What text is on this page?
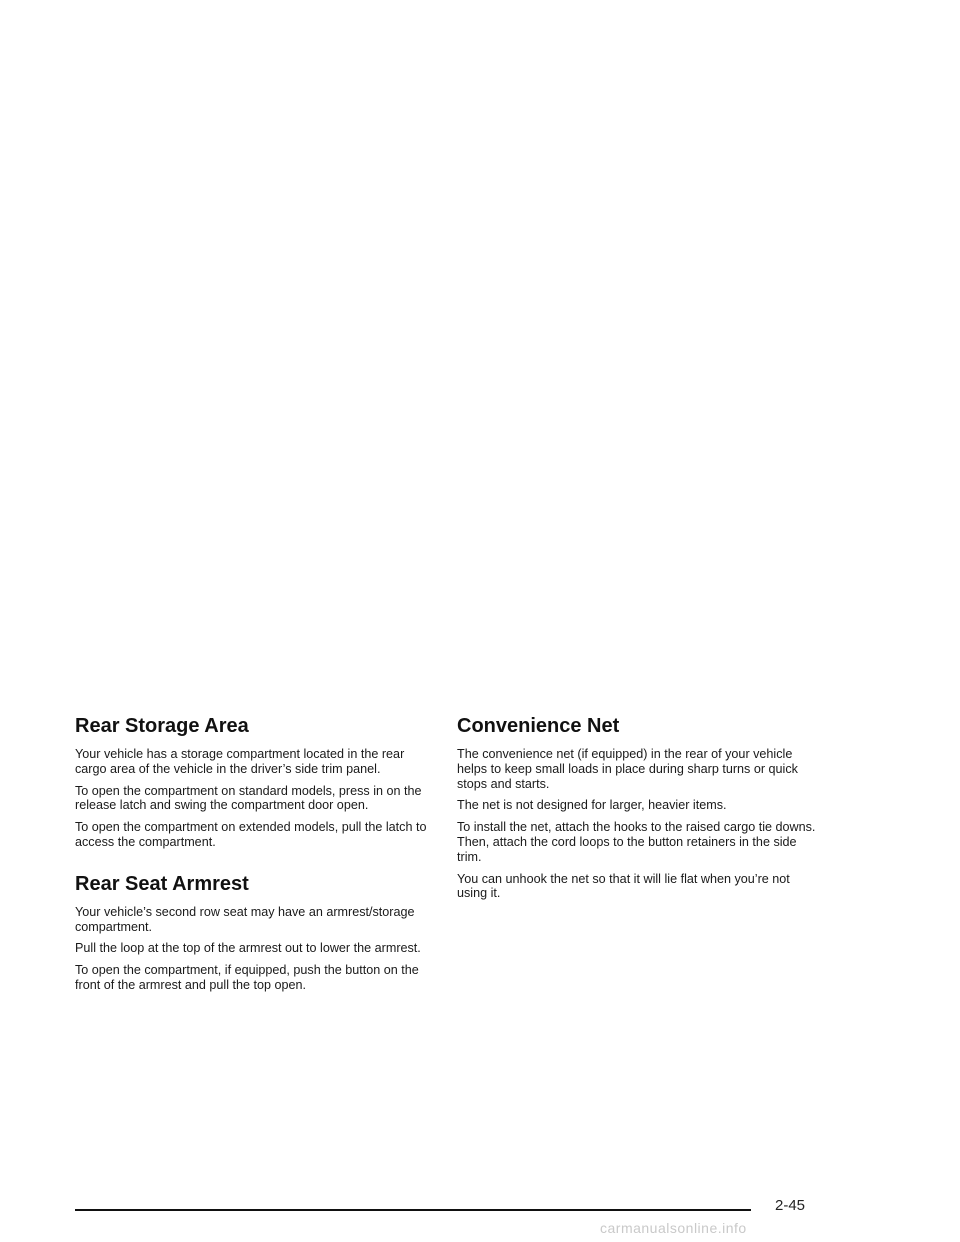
Rear Storage Area

Your vehicle has a storage compartment located in the rear cargo area of the vehicle in the driver’s side trim panel.

To open the compartment on standard models, press in on the release latch and swing the compartment door open.

To open the compartment on extended models, pull the latch to access the compartment.

Rear Seat Armrest

Your vehicle’s second row seat may have an armrest/storage compartment.

Pull the loop at the top of the armrest out to lower the armrest.

To open the compartment, if equipped, push the button on the front of the armrest and pull the top open.

Convenience Net

The convenience net (if equipped) in the rear of your vehicle helps to keep small loads in place during sharp turns or quick stops and starts.

The net is not designed for larger, heavier items.

To install the net, attach the hooks to the raised cargo tie downs. Then, attach the cord loops to the button retainers in the side trim.

You can unhook the net so that it will lie flat when you’re not using it.

2-45
carmanualsonline.info
